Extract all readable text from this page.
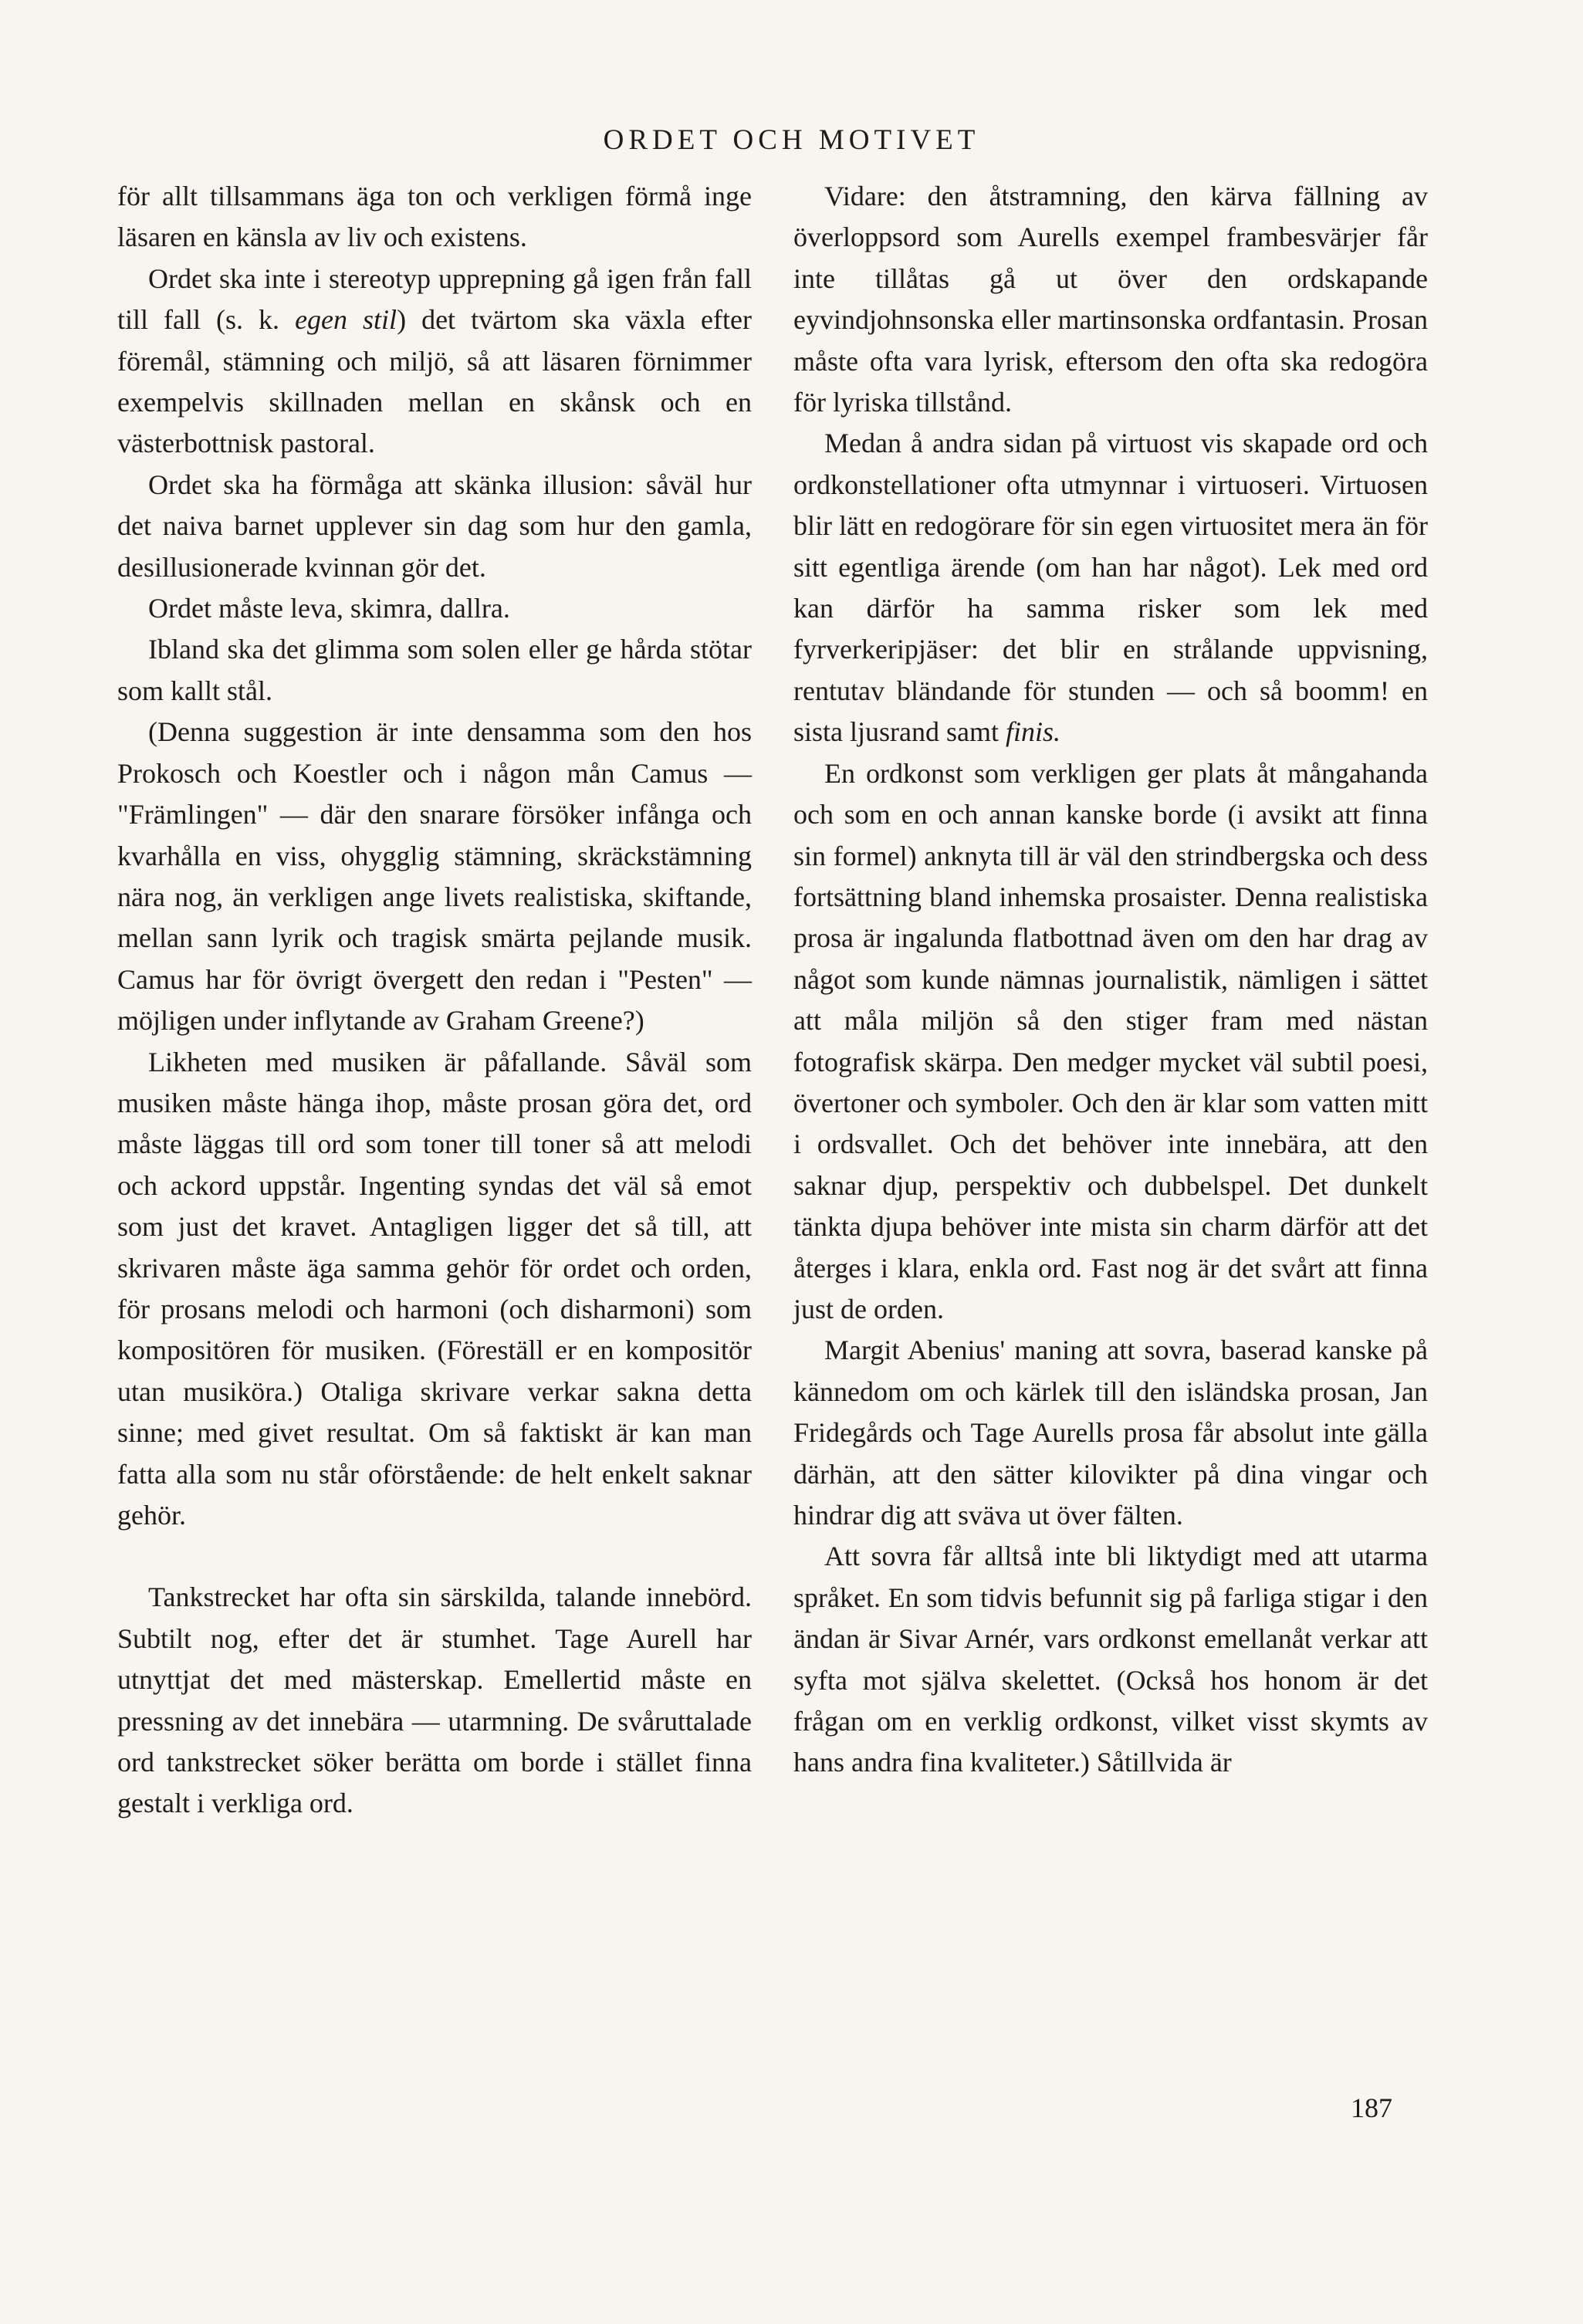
ORDET OCH MOTIVET

för allt tillsammans äga ton och verkligen förmå inge läsaren en känsla av liv och existens.

Ordet ska inte i stereotyp upprepning gå igen från fall till fall (s. k. egen stil) det tvärtom ska växla efter föremål, stämning och miljö, så att läsaren förnimmer exempelvis skillnaden mellan en skånsk och en västerbottnisk pastoral.

Ordet ska ha förmåga att skänka illusion: såväl hur det naiva barnet upplever sin dag som hur den gamla, desillusionerade kvinnan gör det.

Ordet måste leva, skimra, dallra.

Ibland ska det glimma som solen eller ge hårda stötar som kallt stål.

(Denna suggestion är inte densamma som den hos Prokosch och Koestler och i någon mån Camus — "Främlingen" — där den snarare försöker infånga och kvarhålla en viss, ohygglig stämning, skräckstämning nära nog, än verkligen ange livets realistiska, skiftande, mellan sann lyrik och tragisk smärta pejlande musik. Camus har för övrigt övergett den redan i "Pesten" — möjligen under inflytande av Graham Greene?)

Likheten med musiken är påfallande. Såväl som musiken måste hänga ihop, måste prosan göra det, ord måste läggas till ord som toner till toner så att melodi och ackord uppstår. Ingenting syndas det väl så emot som just det kravet. Antagligen ligger det så till, att skrivaren måste äga samma gehör för ordet och orden, för prosans melodi och harmoni (och disharmoni) som kompositören för musiken. (Föreställ er en kompositör utan musiköra.) Otaliga skrivare verkar sakna detta sinne; med givet resultat. Om så faktiskt är kan man fatta alla som nu står oförstående: de helt enkelt saknar gehör.

Tankstrecket har ofta sin särskilda, talande innebörd. Subtilt nog, efter det är stumhet. Tage Aurell har utnyttjat det med mästerskap. Emellertid måste en pressning av det innebära — utarmning. De svåruttalade ord tankstrecket söker berätta om borde i stället finna gestalt i verkliga ord.

Vidare: den åtstramning, den kärva fällning av överloppsord som Aurells exempel frambesvärjer får inte tillåtas gå ut över den ordskapande eyvindjohnsonska eller martinsonska ordfantasin. Prosan måste ofta vara lyrisk, eftersom den ofta ska redogöra för lyriska tillstånd.

Medan å andra sidan på virtuost vis skapade ord och ordkonstellationer ofta utmynnar i virtuoseri. Virtuosen blir lätt en redogörare för sin egen virtuositet mera än för sitt egentliga ärende (om han har något). Lek med ord kan därför ha samma risker som lek med fyrverkeripjäser: det blir en strålande uppvisning, rentutav bländande för stunden — och så boomm! en sista ljusrand samt finis.

En ordkonst som verkligen ger plats åt mångahanda och som en och annan kanske borde (i avsikt att finna sin formel) anknyta till är väl den strindbergska och dess fortsättning bland inhemska prosaister. Denna realistiska prosa är ingalunda flatbottnad även om den har drag av något som kunde nämnas journalistik, nämligen i sättet att måla miljön så den stiger fram med nästan fotografisk skärpa. Den medger mycket väl subtil poesi, övertoner och symboler. Och den är klar som vatten mitt i ordsvallet. Och det behöver inte innebära, att den saknar djup, perspektiv och dubbelspel. Det dunkelt tänkta djupa behöver inte mista sin charm därför att det återges i klara, enkla ord. Fast nog är det svårt att finna just de orden.

Margit Abenius' maning att sovra, baserad kanske på kännedom om och kärlek till den isländska prosan, Jan Fridegårds och Tage Aurells prosa får absolut inte gälla därhän, att den sätter kilovikter på dina vingar och hindrar dig att sväva ut över fälten.

Att sovra får alltså inte bli liktydigt med att utarma språket. En som tidvis befunnit sig på farliga stigar i den ändan är Sivar Arnér, vars ordkonst emellanåt verkar att syfta mot själva skelettet. (Också hos honom är det frågan om en verklig ordkonst, vilket visst skymts av hans andra fina kvaliteter.) Såtillvida är

187
